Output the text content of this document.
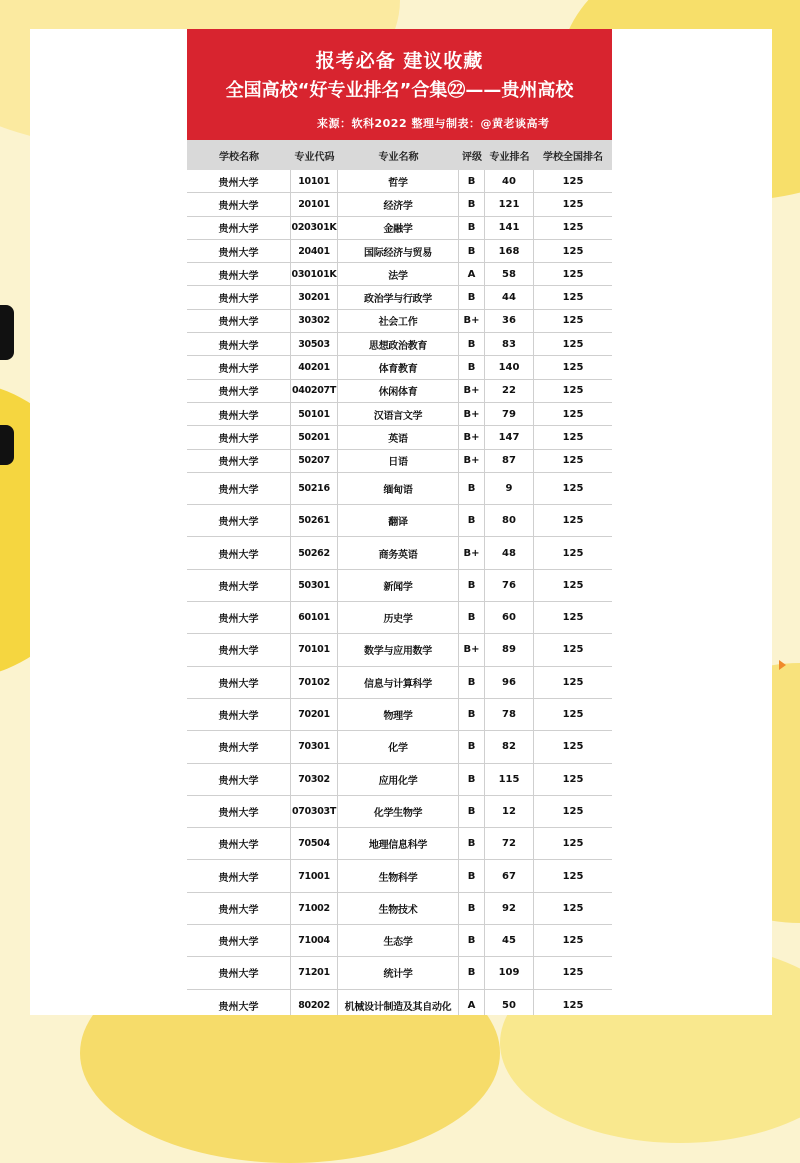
报考必备 建议收藏
全国高校“好专业排名”合集㉒——贵州高校
来源：软科2022 整理与制表：@黄老谈高考
学校名称	专业代码	专业名称	评级 专业排名	学校全国排名
贵州大学	10101	哲学	B	40	125
贵州大学	20101	经济学	B	121	125
贵州大学	020301K	金融学	B	141	125
贵州大学	20401	国际经济与贸易	B	168	125
贵州大学	030101K	法学	A	58	125
贵州大学	30201	政治学与行政学	B	44	125
贵州大学	30302	社会工作	B+	36	125
贵州大学	30503	思想政治教育	B	83	125
贵州大学	40201	体育教育	B	140	125
贵州大学	040207T	休闲体育	B+	22	125
贵州大学	50101	汉语言文学	B+	79	125
贵州大学	50201	英语	B+	147	125
贵州大学	50207	日语	B+	87	125
贵州大学	50216	缅甸语	B	9	125
贵州大学	50261	翻译	B	80	125
贵州大学	50262	商务英语	B+	48	125
贵州大学	50301	新闻学	B	76	125
贵州大学	60101	历史学	B	60	125
贵州大学	70101	数学与应用数学	B+	89	125
贵州大学	70102	信息与计算科学	B	96	125
贵州大学	70201	物理学	B	78	125
贵州大学	70301	化学	B	82	125
贵州大学	70302	应用化学	B	115	125
贵州大学	070303T	化学生物学	B	12	125
贵州大学	70504	地理信息科学	B	72	125
贵州大学	71001	生物科学	B	67	125
贵州大学	71002	生物技术	B	92	125
贵州大学	71004	生态学	B	45	125
贵州大学	71201	统计学	B	109	125
贵州大学	80202	机械设计制造及其自动化	A	50	125
